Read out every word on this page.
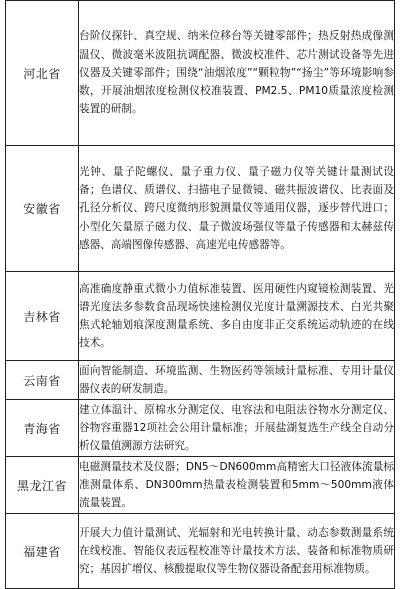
河北省	台阶仪探针、真空规、纳米位移台等关键零部件；热反射热成像测温仪、微波毫米波阻抗调配器、微波校准件、芯片测试设备等先进仪器及关键零部件；围绕“油烟浓度”“颗粒物”“扬尘”等环境影响参数，开展油烟浓度检测仪校准装置、PM2.5、PM10质量浓度检测装置的研制。
安徽省	光钟、量子陀螺仪、量子重力仪、量子磁力仪等关键计量测试设备；色谱仪、质谱仪、扫描电子显微镜、磁共振波谱仪、比表面及孔径分析仪、跨尺度微纳形貌测量仪等通用仪器，逐步替代进口；小型化矢量原子磁力仪、量子微波场强仪等量子传感器和太赫兹传感器、高端图像传感器、高速光电传感器等。
吉林省	高准确度静重式微小力值标准装置、医用硬性内窥镜检测装置、光谱光度法多参数食品现场快速检测仪光度计量溯源技术、白光共聚焦式轮轴划痕深度测量系统、多自由度非正交系统运动轨迹的在线技术。
云南省	面向智能制造、环境监测、生物医药等领域计量标准、专用计量仪器仪表的研发制造。
青海省	建立体温计、原棉水分测定仪、电容法和电阻法谷物水分测定仪、谷物容重器12项社会公用计量标准；开展盐湖复选生产线全自动分析仪量值溯源方法研究。
黑龙江省	电磁测量技术及仪器；DN5～DN600mm高精密大口径液体流量标准测量体系、DN300mm热量表检测装置和5mm～500mm液体流量装置。
福建省	开展大力值计量测试、光辐射和光电转换计量、动态参数测量系统在线校准、智能仪表远程校准等计量技术方法、装备和标准物质研究；基因扩增仪、核酸提取仪等生物仪器设备配套用标准物质。
